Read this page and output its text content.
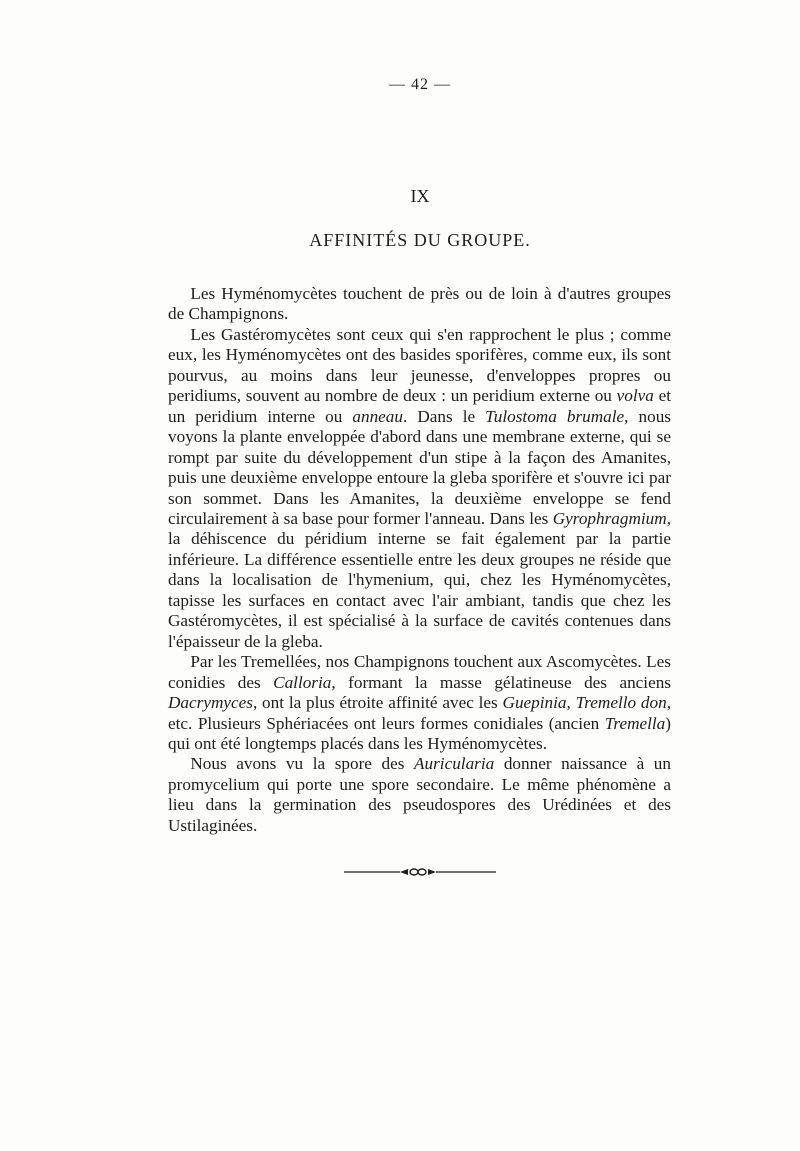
— 42 —
IX
AFFINITÉS DU GROUPE.

Les Hyménomycètes touchent de près ou de loin à d'autres groupes de Champignons.

Les Gastéromycètes sont ceux qui s'en rapprochent le plus ; comme eux, les Hyménomycètes ont des basides sporifères, comme eux, ils sont pourvus, au moins dans leur jeunesse, d'enveloppes propres ou peridiums, souvent au nombre de deux : un peridium externe ou volva et un peridium interne ou anneau. Dans le Tulostoma brumale, nous voyons la plante enveloppée d'abord dans une membrane externe, qui se rompt par suite du développement d'un stipe à la façon des Amanites, puis une deuxième enveloppe entoure la gleba sporifère et s'ouvre ici par son sommet. Dans les Amanites, la deuxième enveloppe se fend circulairement à sa base pour former l'anneau. Dans les Gyrophragmium, la déhiscence du péridium interne se fait également par la partie inférieure. La différence essentielle entre les deux groupes ne réside que dans la localisation de l'hymenium, qui, chez les Hyménomycètes, tapisse les surfaces en contact avec l'air ambiant, tandis que chez les Gastéromycètes, il est spécialisé à la surface de cavités contenues dans l'épaisseur de la gleba.

Par les Tremellées, nos Champignons touchent aux Ascomycètes. Les conidies des Calloria, formant la masse gélatineuse des anciens Dacrymyces, ont la plus étroite affinité avec les Guepinia, Tremello don, etc. Plusieurs Sphériacées ont leurs formes conidiales (ancien Tremella) qui ont été longtemps placés dans les Hyménomycètes.

Nous avons vu la spore des Auricularia donner naissance à un promycelium qui porte une spore secondaire. Le même phénomène a lieu dans la germination des pseudospores des Urédinées et des Ustilaginées.
